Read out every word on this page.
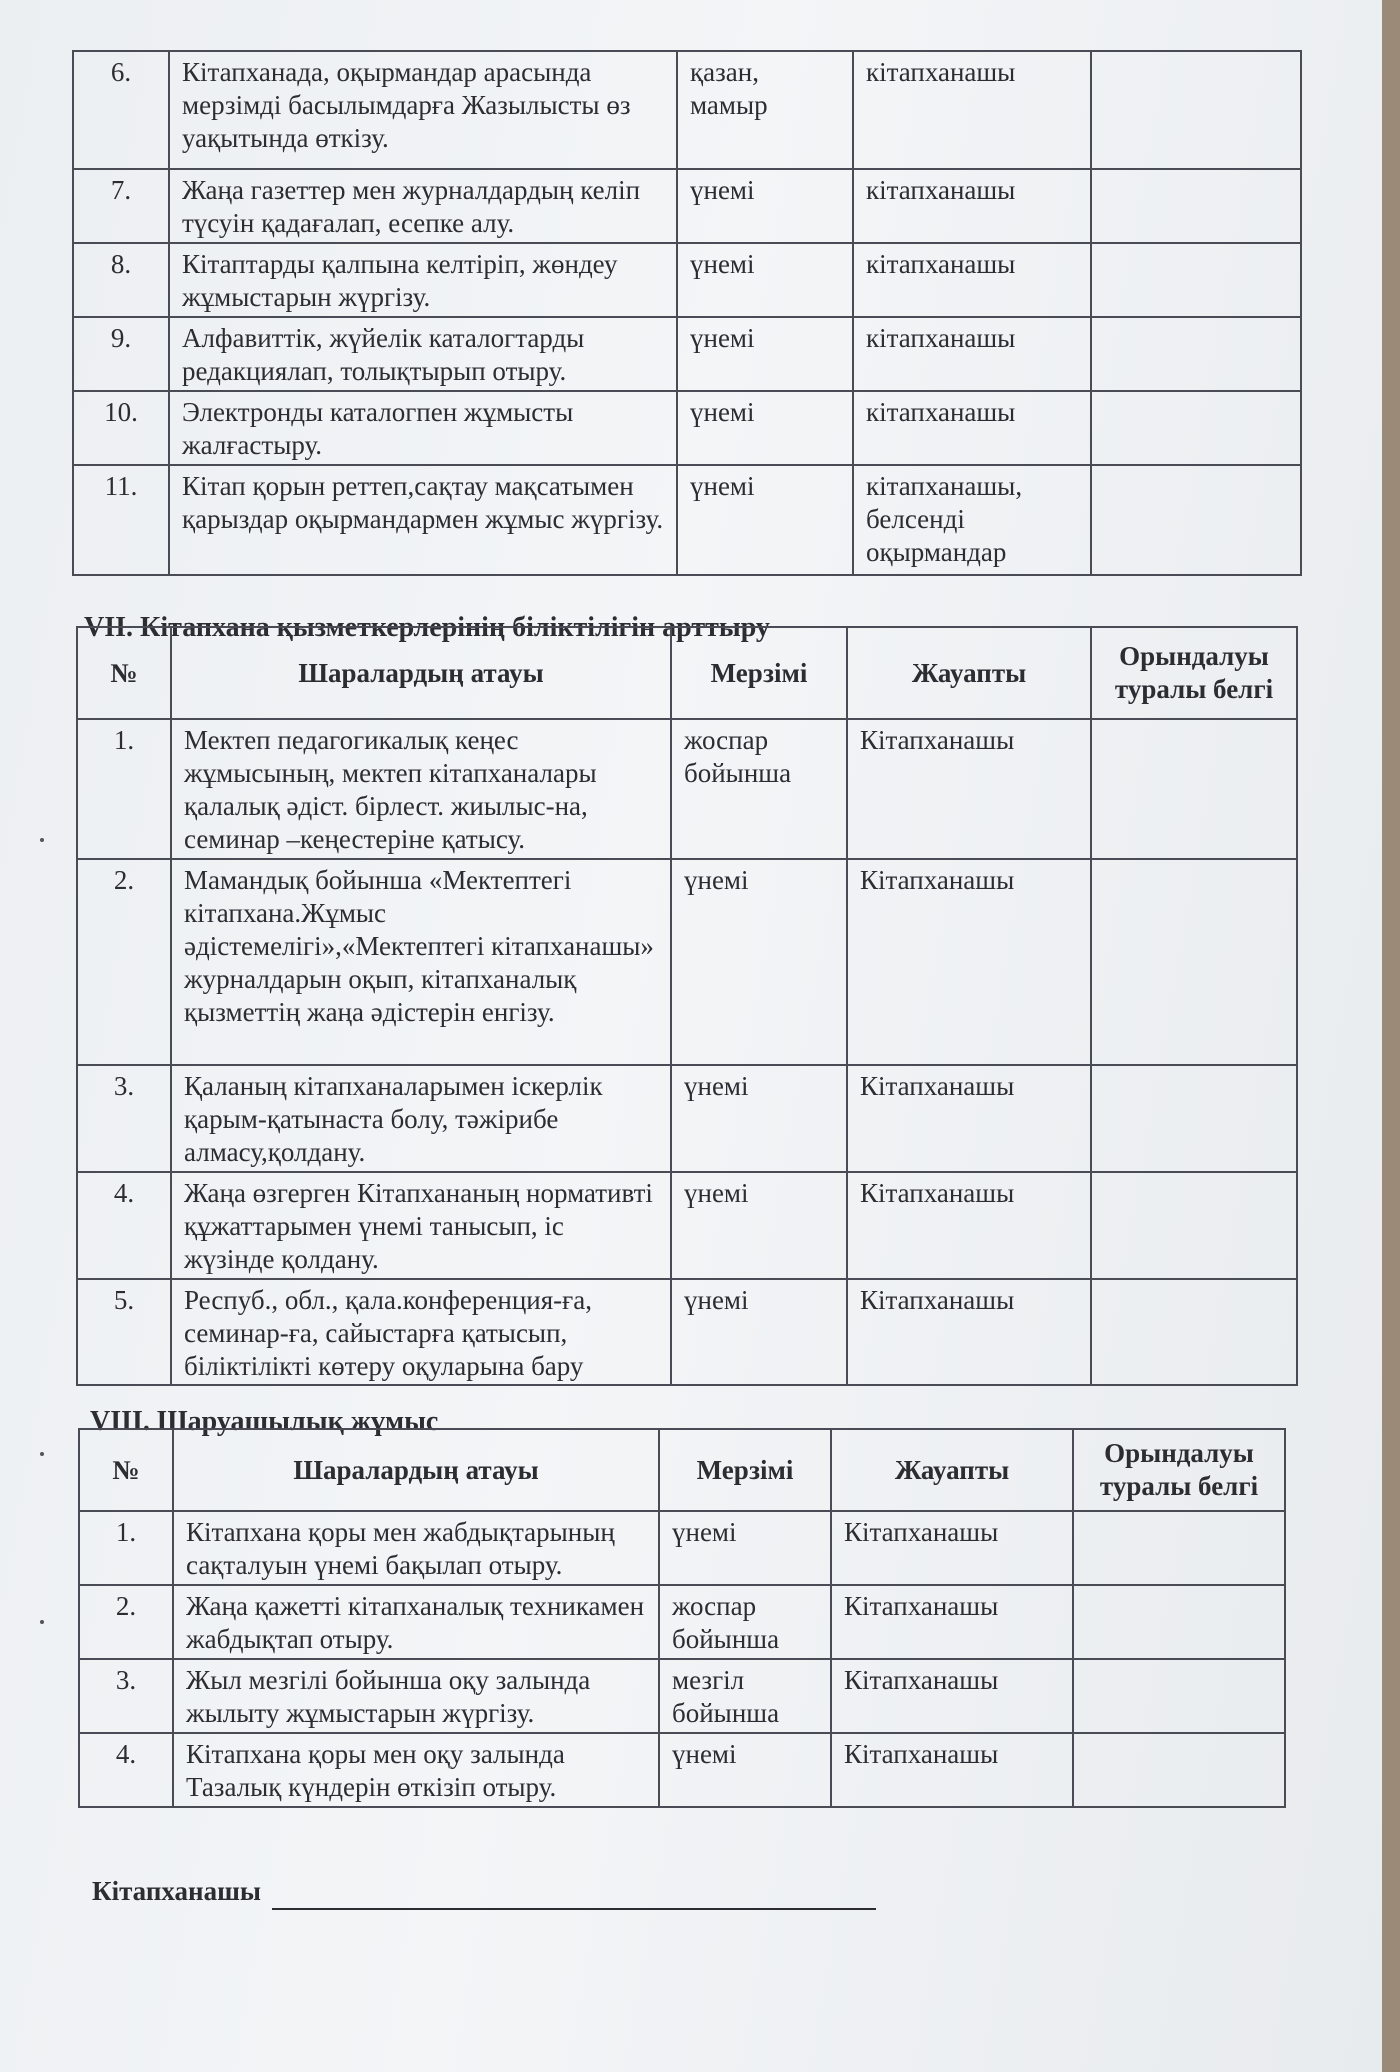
6.	Кітапханада, оқырмандар арасында мерзімді басылымдарға Жазылысты өз уақытында өткізу.	қазан, мамыр	кітапханашы	
7.	Жаңа газеттер мен журналдардың келіп түсуін қадағалап, есепке алу.	үнемі	кітапханашы	
8.	Кітаптарды қалпына келтіріп, жөндеу жұмыстарын жүргізу.	үнемі	кітапханашы	
9.	Алфавиттік, жүйелік каталогтарды редакциялап, толықтырып отыру.	үнемі	кітапханашы	
10.	Электронды каталогпен жұмысты жалғастыру.	үнемі	кітапханашы	
11.	Кітап қорын реттеп,сақтау мақсатымен қарыздар оқырмандармен жұмыс жүргізу.	үнемі	кітапханашы, белсенді оқырмандар	
VII. Кітапхана қызметкерлерінің біліктілігін арттыру
№	Шаралардың атауы	Мерзімі	Жауапты	Орындалуы туралы белгі
1.	Мектеп педагогикалық кеңес жұмысының, мектеп кітапханалары қалалық әдіст. бірлест. жиылыс-на, семинар –кеңестеріне қатысу.	жоспар бойынша	Кітапханашы	
2.	Мамандық бойынша «Мектептегі кітапхана.Жұмыс әдістемелігі»,«Мектептегі кітапханашы» журналдарын оқып, кітапханалық қызметтің жаңа әдістерін енгізу.	үнемі	Кітапханашы	
3.	Қаланың кітапханаларымен іскерлік қарым-қатынаста болу, тәжірибе алмасу,қолдану.	үнемі	Кітапханашы	
4.	Жаңа өзгерген Кітапхананың нормативті құжаттарымен үнемі танысып, іс жүзінде қолдану.	үнемі	Кітапханашы	
5.	Респуб., обл., қала.конференция-ға, семинар-ға, сайыстарға қатысып, біліктілікті көтеру оқуларына бару	үнемі	Кітапханашы	
VIII. Шаруашылық жұмыс
№	Шаралардың атауы	Мерзімі	Жауапты	Орындалуы туралы белгі
1.	Кітапхана қоры мен жабдықтарының сақталуын үнемі бақылап отыру.	үнемі	Кітапханашы	
2.	Жаңа қажетті кітапханалық техникамен жабдықтап отыру.	жоспар бойынша	Кітапханашы	
3.	Жыл мезгілі бойынша оқу залында жылыту жұмыстарын жүргізу.	мезгіл бойынша	Кітапханашы	
4.	Кітапхана қоры мен оқу залында Тазалық күндерін өткізіп отыру.	үнемі	Кітапханашы	
Кітапханашы
